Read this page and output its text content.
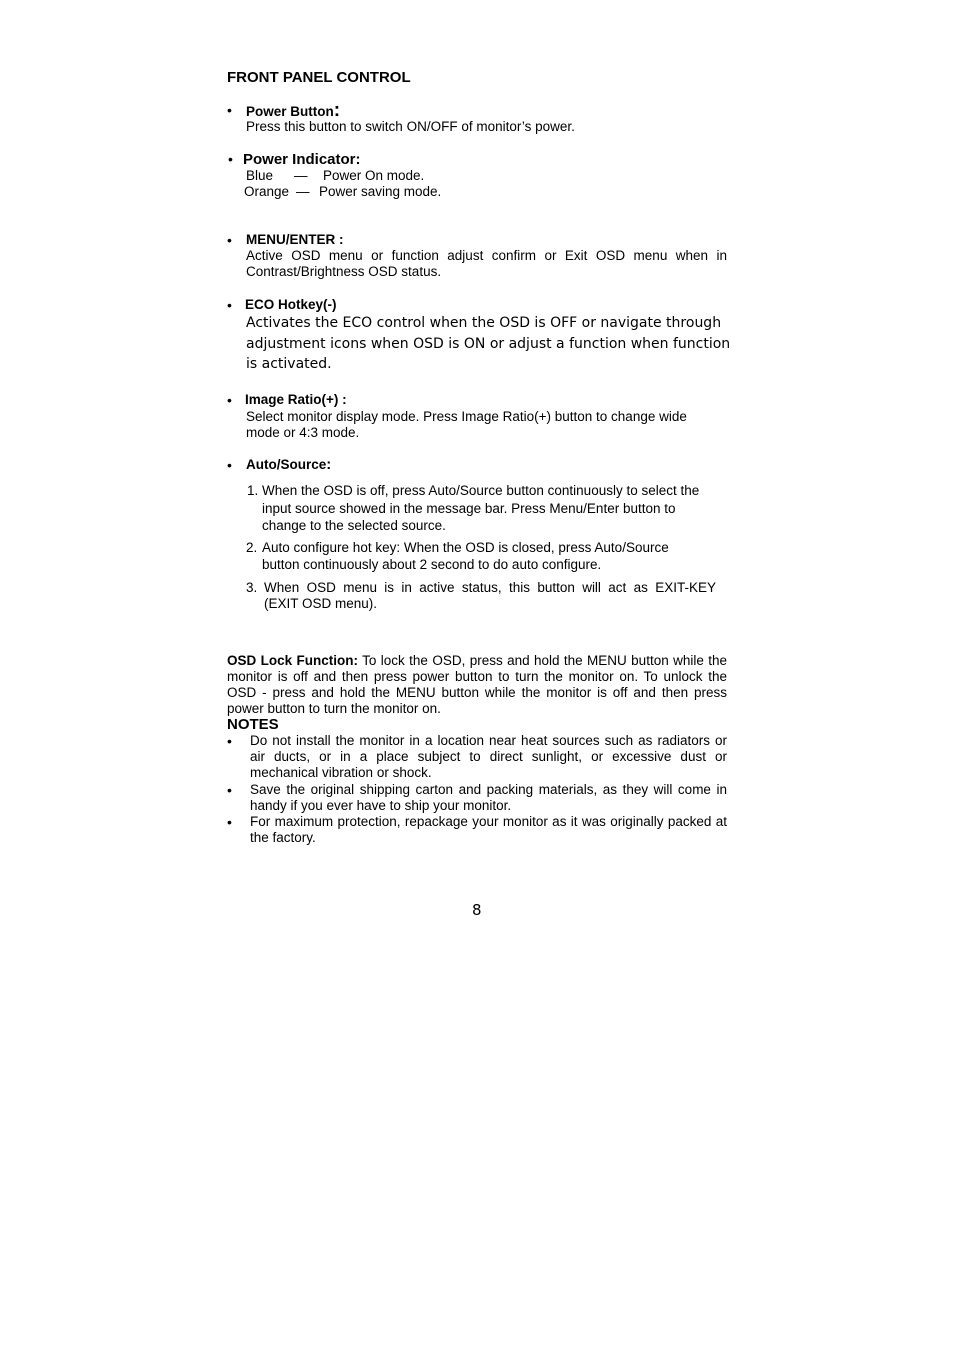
FRONT PANEL CONTROL
• Power Button:
Press this button to switch ON/OFF of monitor’s power.
• Power Indicator:
Blue — Power On mode.
Orange — Power saving mode.
• MENU/ENTER :
Active OSD menu or function adjust confirm or Exit OSD menu when in Contrast/Brightness OSD status.
• ECO Hotkey(-)
Activates the ECO control when the OSD is OFF or navigate through
adjustment icons when OSD is ON or adjust a function when function
is activated.
• Image Ratio(+) :
Select monitor display mode. Press Image Ratio(+) button to change wide
mode or 4:3 mode.
• Auto/Source:
1. When the OSD is off, press Auto/Source button continuously to select the
input source showed in the message bar. Press Menu/Enter button to
change to the selected source.
2. Auto configure hot key: When the OSD is closed, press Auto/Source
button continuously about 2 second to do auto configure.
3. When OSD menu is in active status, this button will act as EXIT-KEY
(EXIT OSD menu).
OSD Lock Function: To lock the OSD, press and hold the MENU button while the monitor is off and then press power button to turn the monitor on. To unlock the OSD - press and hold the MENU button while the monitor is off and then press power button to turn the monitor on.
NOTES
• Do not install the monitor in a location near heat sources such as radiators or air ducts, or in a place subject to direct sunlight, or excessive dust or mechanical vibration or shock.
• Save the original shipping carton and packing materials, as they will come in handy if you ever have to ship your monitor.
• For maximum protection, repackage your monitor as it was originally packed at the factory.
8
